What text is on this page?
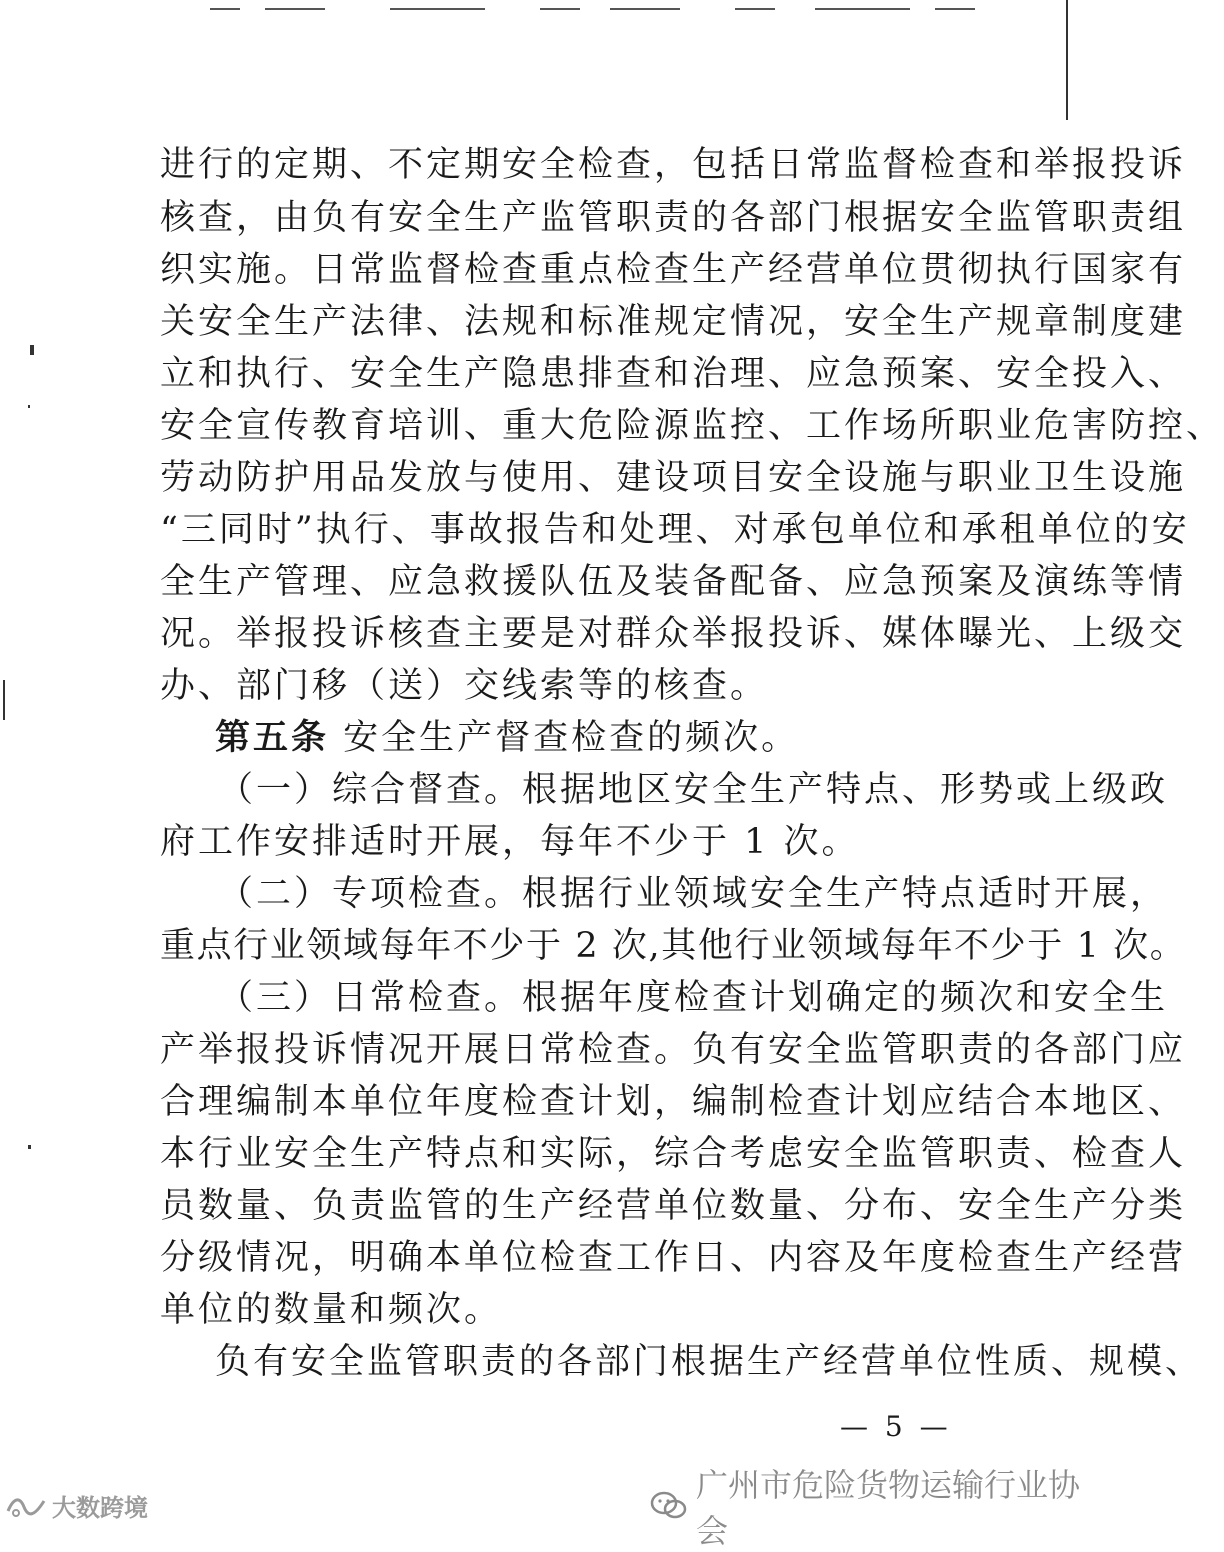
进行的定期、不定期安全检查，包括日常监督检查和举报投诉
核查，由负有安全生产监管职责的各部门根据安全监管职责组
织实施。日常监督检查重点检查生产经营单位贯彻执行国家有
关安全生产法律、法规和标准规定情况，安全生产规章制度建
立和执行、安全生产隐患排查和治理、应急预案、安全投入、
安全宣传教育培训、重大危险源监控、工作场所职业危害防控、
劳动防护用品发放与使用、建设项目安全设施与职业卫生设施
“三同时”执行、事故报告和处理、对承包单位和承租单位的安
全生产管理、应急救援队伍及装备配备、应急预案及演练等情
况。举报投诉核查主要是对群众举报投诉、媒体曝光、上级交
办、部门移（送）交线索等的核查。
第五条 安全生产督查检查的频次。
（一）综合督查。根据地区安全生产特点、形势或上级政
府工作安排适时开展，每年不少于 1 次。
（二）专项检查。根据行业领域安全生产特点适时开展，
重点行业领域每年不少于 2 次,其他行业领域每年不少于 1 次。
（三）日常检查。根据年度检查计划确定的频次和安全生
产举报投诉情况开展日常检查。负有安全监管职责的各部门应
合理编制本单位年度检查计划，编制检查计划应结合本地区、
本行业安全生产特点和实际，综合考虑安全监管职责、检查人
员数量、负责监管的生产经营单位数量、分布、安全生产分类
分级情况，明确本单位检查工作日、内容及年度检查生产经营
单位的数量和频次。
负有安全监管职责的各部门根据生产经营单位性质、规模、
— 5 —
广州市危险货物运输行业协会
大数跨境
